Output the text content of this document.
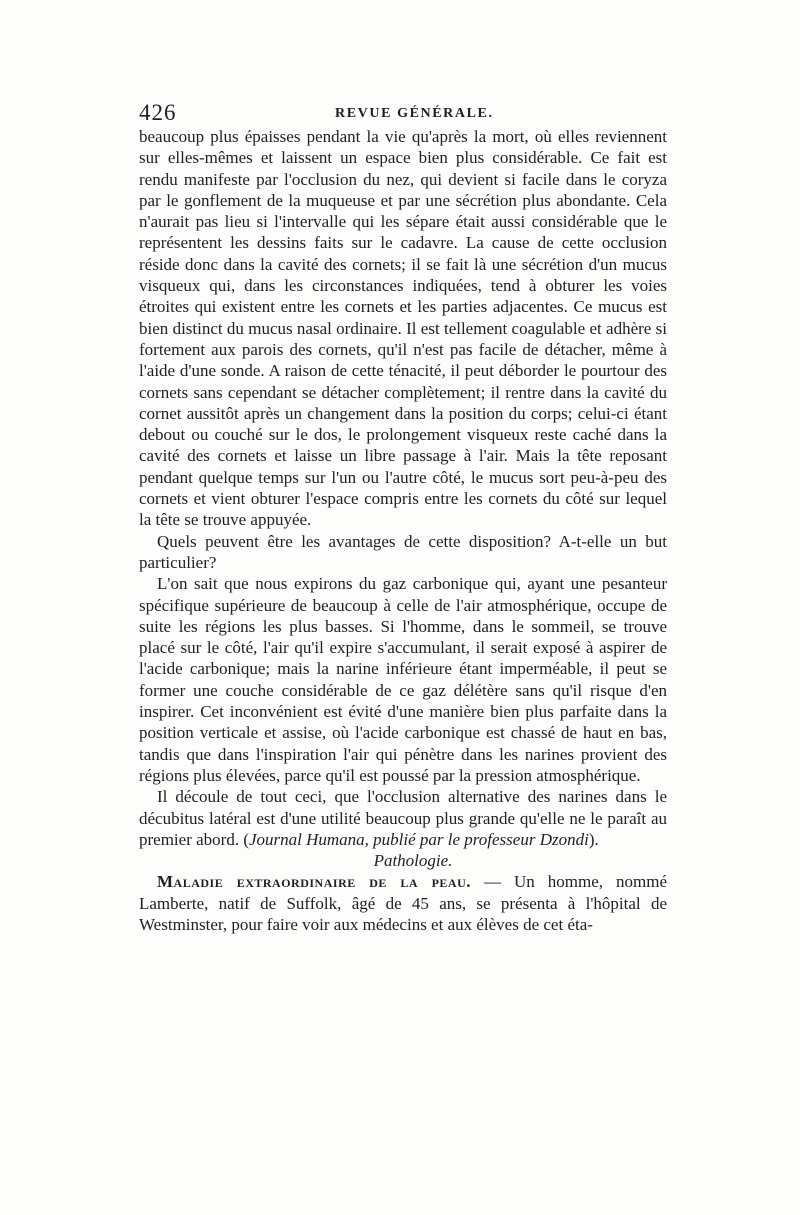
426	REVUE GÉNÉRALE.

beaucoup plus épaisses pendant la vie qu'après la mort, où elles reviennent sur elles-mêmes et laissent un espace bien plus considérable. Ce fait est rendu manifeste par l'occlusion du nez, qui devient si facile dans le coryza par le gonflement de la muqueuse et par une sécrétion plus abondante. Cela n'aurait pas lieu si l'intervalle qui les sépare était aussi considérable que le représentent les dessins faits sur le cadavre. La cause de cette occlusion réside donc dans la cavité des cornets; il se fait là une sécrétion d'un mucus visqueux qui, dans les circonstances indiquées, tend à obturer les voies étroites qui existent entre les cornets et les parties adjacentes. Ce mucus est bien distinct du mucus nasal ordinaire. Il est tellement coagulable et adhère si fortement aux parois des cornets, qu'il n'est pas facile de détacher, même à l'aide d'une sonde. A raison de cette ténacité, il peut déborder le pourtour des cornets sans cependant se détacher complètement; il rentre dans la cavité du cornet aussitôt après un changement dans la position du corps; celui-ci étant debout ou couché sur le dos, le prolongement visqueux reste caché dans la cavité des cornets et laisse un libre passage à l'air. Mais la tête reposant pendant quelque temps sur l'un ou l'autre côté, le mucus sort peu-à-peu des cornets et vient obturer l'espace compris entre les cornets du côté sur lequel la tête se trouve appuyée.

Quels peuvent être les avantages de cette disposition? A-t-elle un but particulier?

L'on sait que nous expirons du gaz carbonique qui, ayant une pesanteur spécifique supérieure de beaucoup à celle de l'air atmosphérique, occupe de suite les régions les plus basses. Si l'homme, dans le sommeil, se trouve placé sur le côté, l'air qu'il expire s'accumulant, il serait exposé à aspirer de l'acide carbonique; mais la narine inférieure étant imperméable, il peut se former une couche considérable de ce gaz délétère sans qu'il risque d'en inspirer. Cet inconvénient est évité d'une manière bien plus parfaite dans la position verticale et assise, où l'acide carbonique est chassé de haut en bas, tandis que dans l'inspiration l'air qui pénètre dans les narines provient des régions plus élevées, parce qu'il est poussé par la pression atmosphérique.

Il découle de tout ceci, que l'occlusion alternative des narines dans le décubitus latéral est d'une utilité beaucoup plus grande qu'elle ne le paraît au premier abord. (Journal Humana, publié par le professeur Dzondi).

Pathologie.

Maladie extraordinaire de la peau. — Un homme, nommé Lamberte, natif de Suffolk, âgé de 45 ans, se présenta à l'hôpital de Westminster, pour faire voir aux médecins et aux élèves de cet éta-
